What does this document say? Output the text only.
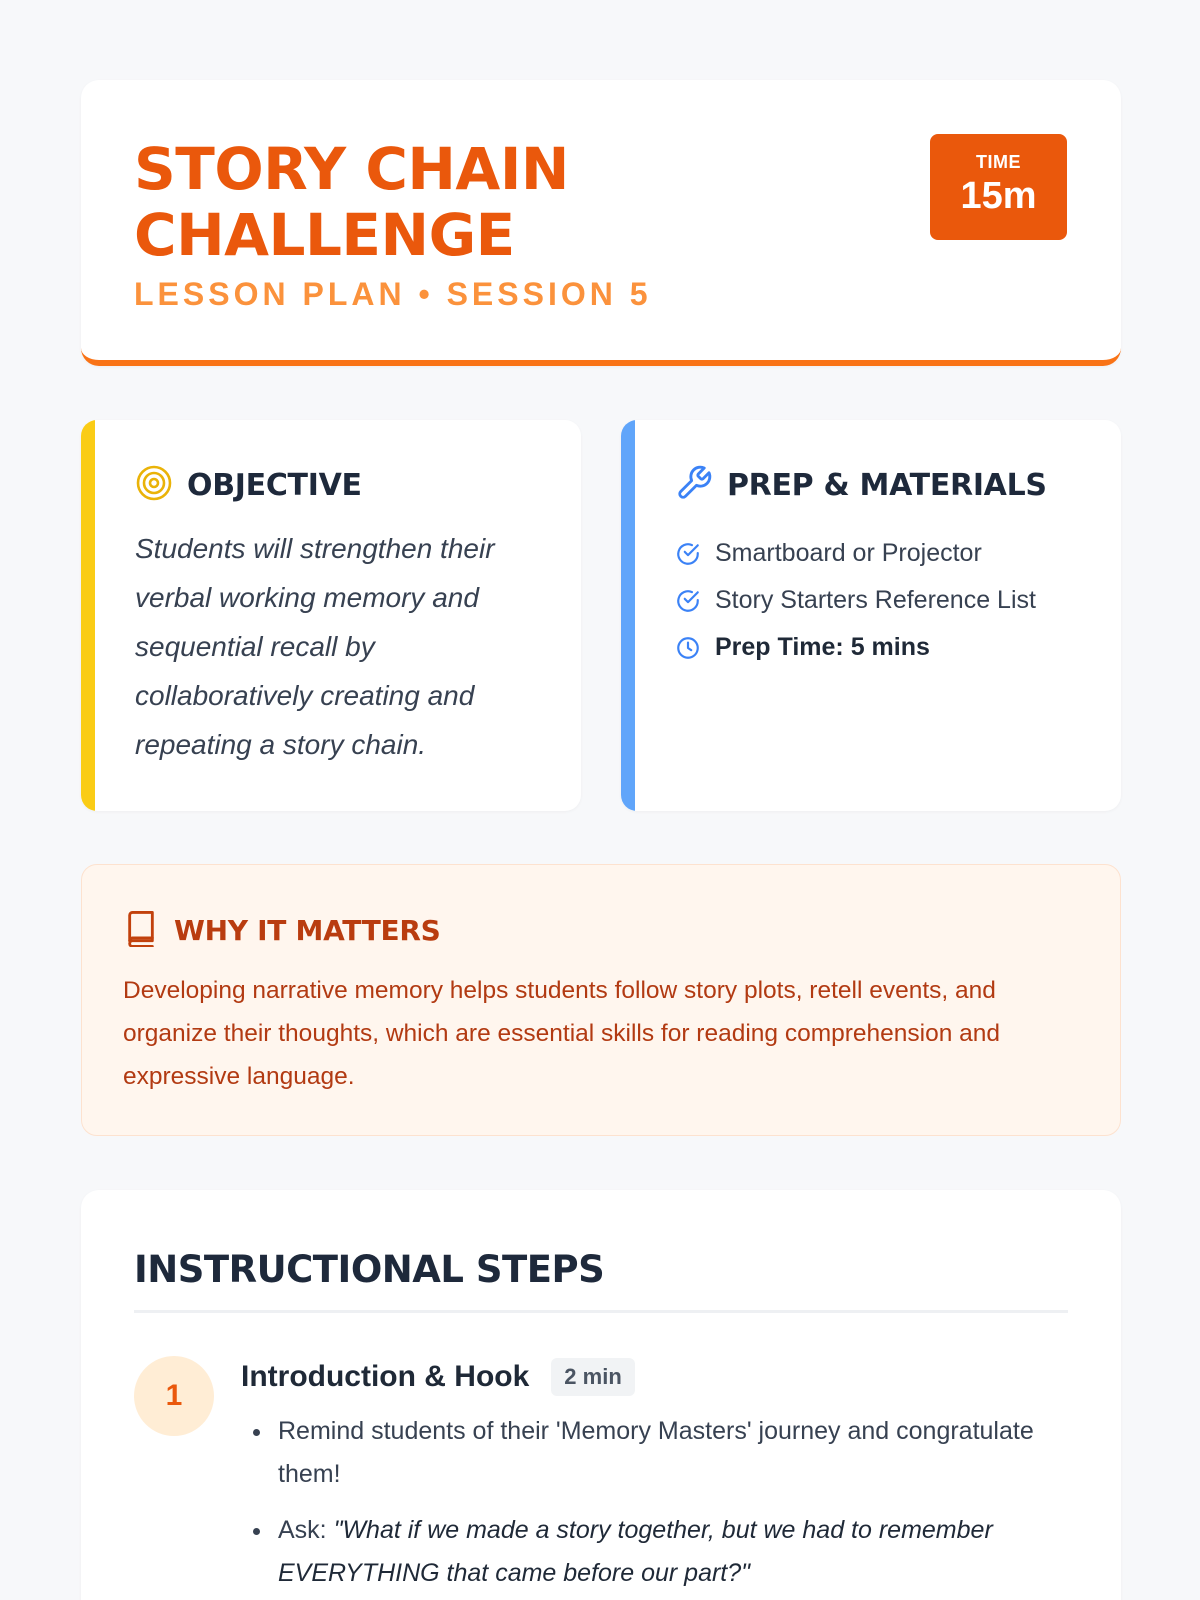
STORY CHAIN CHALLENGE
LESSON PLAN • SESSION 5
TIME
15m
OBJECTIVE

Students will strengthen their verbal working memory and sequential recall by collaboratively creating and repeating a story chain.

PREP & MATERIALS
Smartboard or Projector
Story Starters Reference List
Prep Time: 5 mins
WHY IT MATTERS

Developing narrative memory helps students follow story plots, retell events, and organize their thoughts, which are essential skills for reading comprehension and expressive language.

INSTRUCTIONAL STEPS
1
Introduction & Hook	2 min
• Remind students of their 'Memory Masters' journey and congratulate them!
• Ask: "What if we made a story together, but we had to remember EVERYTHING that came before our part?"
